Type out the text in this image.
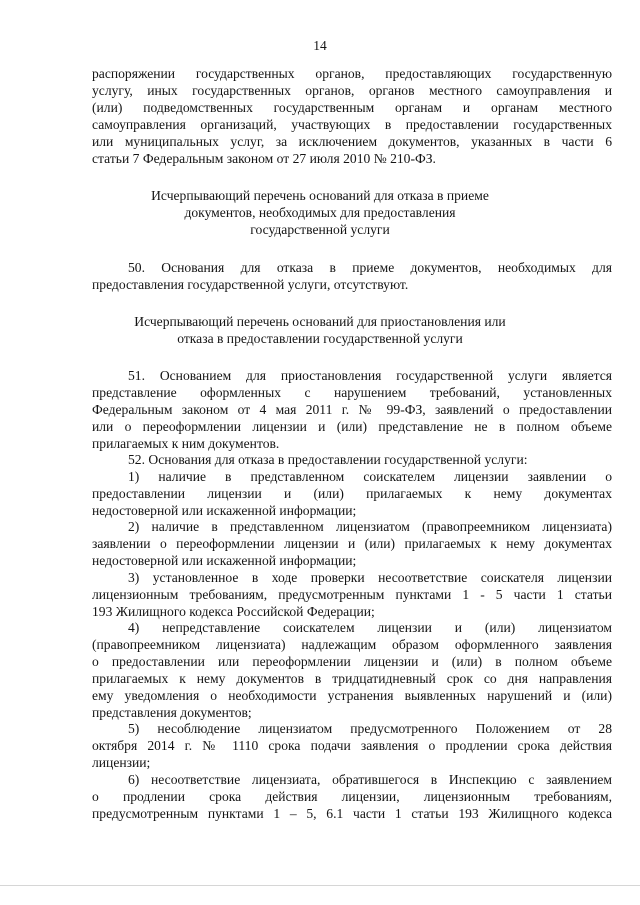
14
распоряжении государственных органов, предоставляющих государственную
услугу, иных государственных органов, органов местного самоуправления и
(или) подведомственных государственным органам и органам местного
самоуправления организаций, участвующих в предоставлении государственных
или муниципальных услуг, за исключением документов, указанных в части 6
статьи 7 Федеральным законом от 27 июля 2010 № 210-ФЗ.
Исчерпывающий перечень оснований для отказа в приеме
документов, необходимых для предоставления
государственной услуги
50. Основания для отказа в приеме документов, необходимых для
предоставления государственной услуги, отсутствуют.
Исчерпывающий перечень оснований для приостановления или
отказа в предоставлении государственной услуги
51. Основанием для приостановления государственной услуги является
представление оформленных с нарушением требований, установленных
Федеральным законом от 4 мая 2011 г. № 99-ФЗ, заявлений о предоставлении
или о переоформлении лицензии и (или) представление не в полном объеме
прилагаемых к ним документов.
52. Основания для отказа в предоставлении государственной услуги:
1) наличие в представленном соискателем лицензии заявлении о
предоставлении лицензии и (или) прилагаемых к нему документах
недостоверной или искаженной информации;
2) наличие в представленном лицензиатом (правопреемником лицензиата)
заявлении о переоформлении лицензии и (или) прилагаемых к нему документах
недостоверной или искаженной информации;
3) установленное в ходе проверки несоответствие соискателя лицензии
лицензионным требованиям, предусмотренным пунктами 1 - 5 части 1 статьи
193 Жилищного кодекса Российской Федерации;
4) непредставление соискателем лицензии и (или) лицензиатом
(правопреемником лицензиата) надлежащим образом оформленного заявления
о предоставлении или переоформлении лицензии и (или) в полном объеме
прилагаемых к нему документов в тридцатидневный срок со дня направления
ему уведомления о необходимости устранения выявленных нарушений и (или)
представления документов;
5) несоблюдение лицензиатом предусмотренного Положением от 28
октября 2014 г. № 1110 срока подачи заявления о продлении срока действия
лицензии;
6) несоответствие лицензиата, обратившегося в Инспекцию с заявлением
о продлении срока действия лицензии, лицензионным требованиям,
предусмотренным пунктами 1 – 5, 6.1 части 1 статьи 193 Жилищного кодекса
